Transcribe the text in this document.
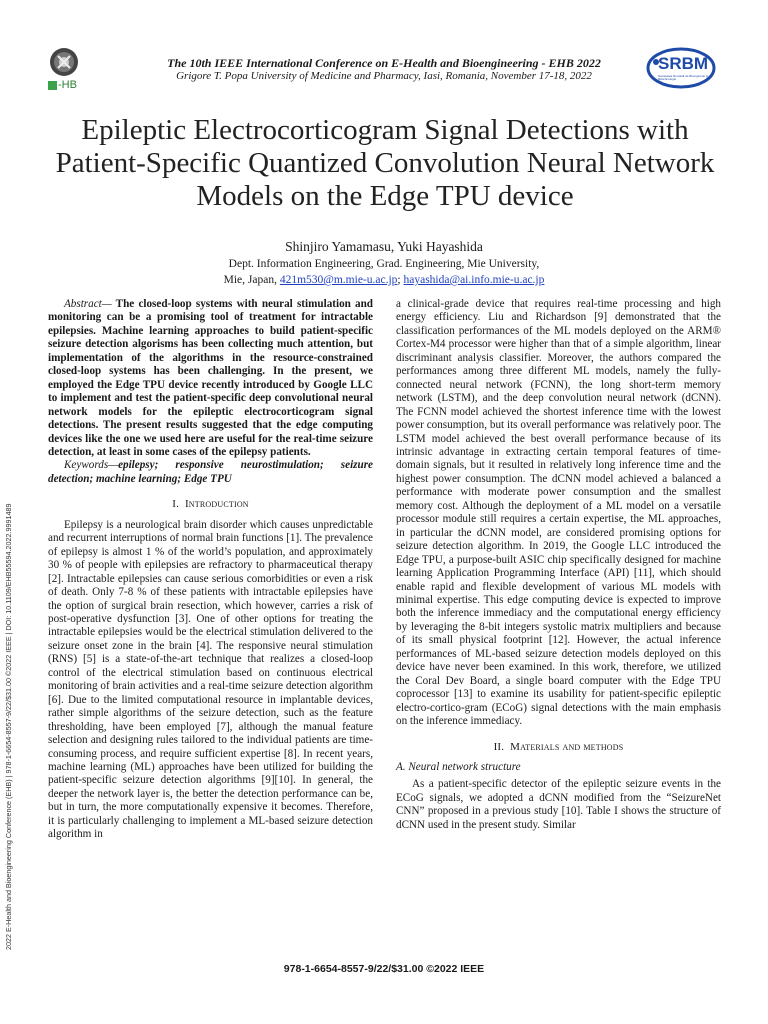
-HB
The 10th IEEE International Conference on E-Health and Bioengineering - EHB 2022
Grigore T. Popa University of Medicine and Pharmacy, Iasi, Romania, November 17-18, 2022
SRBM
Societatea Română de Bioinginerie și Biotehnologie
Epileptic Electrocorticogram Signal Detections with Patient-Specific Quantized Convolution Neural Network Models on the Edge TPU device
Shinjiro Yamamasu, Yuki Hayashida
Dept. Information Engineering, Grad. Engineering, Mie University,
Mie, Japan, 421m530@m.mie-u.ac.jp; hayashida@ai.info.mie-u.ac.jp
2022 E-Health and Bioengineering Conference (EHB) | 978-1-6654-8557-9/22/$31.00 ©2022 IEEE | DOI: 10.1109/EHB55594.2022.9991489

Abstract— The closed-loop systems with neural stimulation and monitoring can be a promising tool of treatment for intractable epilepsies. Machine learning approaches to build patient-specific seizure detection algorisms has been collecting much attention, but implementation of the algorithms in the resource-constrained closed-loop systems has been challenging. In the present, we employed the Edge TPU device recently introduced by Google LLC to implement and test the patient-specific deep convolutional neural network models for the epileptic electrocorticogram signal detections. The present results suggested that the edge computing devices like the one we used here are useful for the real-time seizure detection, at least in some cases of the epilepsy patients.

Keywords—epilepsy; responsive neurostimulation; seizure detection; machine learning; Edge TPU

I. Introduction

Epilepsy is a neurological brain disorder which causes unpredictable and recurrent interruptions of normal brain functions [1]. The prevalence of epilepsy is almost 1 % of the world’s population, and approximately 30 % of people with epilepsies are refractory to pharmaceutical therapy [2]. Intractable epilepsies can cause serious comorbidities or even a risk of death. Only 7-8 % of these patients with intractable epilepsies have the option of surgical brain resection, which however, carries a risk of post-operative dysfunction [3]. One of other options for treating the intractable epilepsies would be the electrical stimulation delivered to the seizure onset zone in the brain [4]. The responsive neural stimulation (RNS) [5] is a state-of-the-art technique that realizes a closed-loop control of the electrical stimulation based on continuous electrical monitoring of brain activities and a real-time seizure detection algorithm [6]. Due to the limited computational resource in implantable devices, rather simple algorithms of the seizure detection, such as the feature thresholding, have been employed [7], although the manual feature selection and designing rules tailored to the individual patients are time-consuming process, and require sufficient expertise [8]. In recent years, machine learning (ML) approaches have been utilized for building the patient-specific seizure detection algorithms [9][10]. In general, the deeper the network layer is, the better the detection performance can be, but in turn, the more computationally expensive it becomes. Therefore, it is particularly challenging to implement a ML-based seizure detection algorithm in

a clinical-grade device that requires real-time processing and high energy efficiency. Liu and Richardson [9] demonstrated that the classification performances of the ML models deployed on the ARM® Cortex-M4 processor were higher than that of a simple algorithm, linear discriminant analysis classifier. Moreover, the authors compared the performances among three different ML models, namely the fully-connected neural network (FCNN), the long short-term memory network (LSTM), and the deep convolution neural network (dCNN). The FCNN model achieved the shortest inference time with the lowest power consumption, but its overall performance was relatively poor. The LSTM model achieved the best overall performance because of its intrinsic advantage in extracting certain temporal features of time-domain signals, but it resulted in relatively long inference time and the highest power consumption. The dCNN model achieved a balanced a performance with moderate power consumption and the smallest memory cost. Although the deployment of a ML model on a versatile processor module still requires a certain expertise, the ML approaches, in particular the dCNN model, are considered promising options for seizure detection algorithm. In 2019, the Google LLC introduced the Edge TPU, a purpose-built ASIC chip specifically designed for machine learning Application Programming Interface (API) [11], which should enable rapid and flexible development of various ML models with minimal expertise. This edge computing device is expected to improve both the inference immediacy and the computational energy efficiency by leveraging the 8-bit integers systolic matrix multipliers and because of its small physical footprint [12]. However, the actual inference performances of ML-based seizure detection models deployed on this device have never been examined. In this work, therefore, we utilized the Coral Dev Board, a single board computer with the Edge TPU coprocessor [13] to examine its usability for patient-specific epileptic electro-cortico-gram (ECoG) signal detections with the main emphasis on the inference immediacy.

II. Materials and methods
A. Neural network structure

As a patient-specific detector of the epileptic seizure events in the ECoG signals, we adopted a dCNN modified from the “SeizureNet CNN” proposed in a previous study [10]. Table I shows the structure of dCNN used in the present study. Similar

978-1-6654-8557-9/22/$31.00 ©2022 IEEE
